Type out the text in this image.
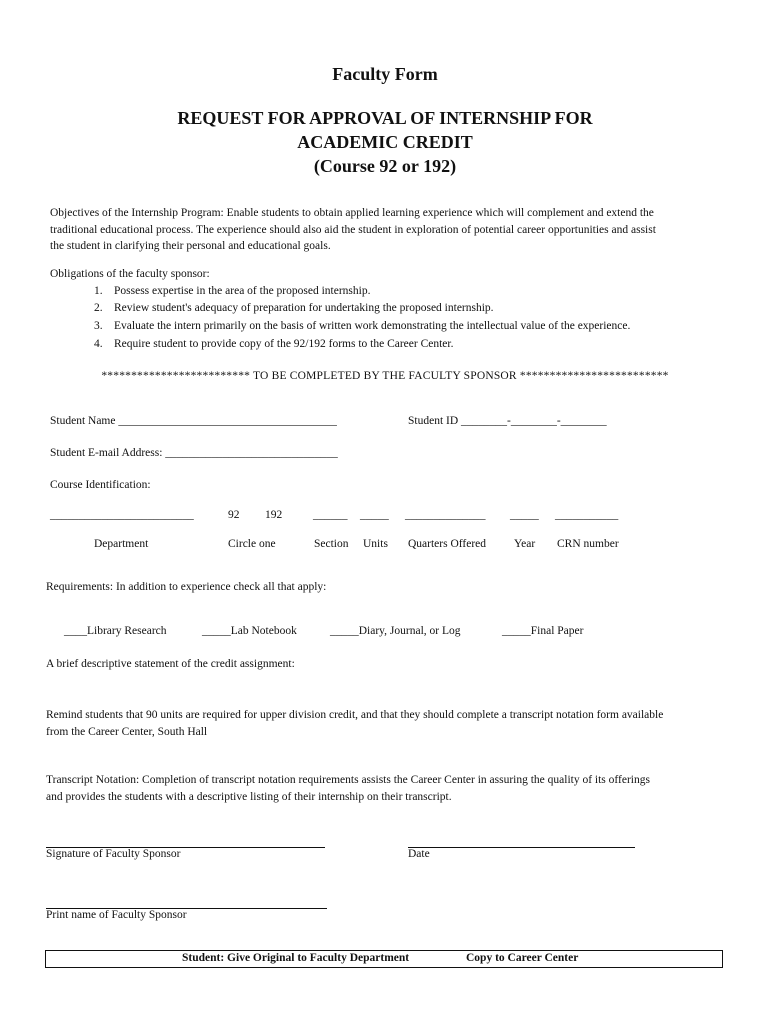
Faculty Form
REQUEST FOR APPROVAL OF INTERNSHIP FOR
ACADEMIC CREDIT
(Course 92 or 192)
Objectives of the Internship Program: Enable students to obtain applied learning experience which will complement and extend the
traditional educational process. The experience should also aid the student in exploration of potential career opportunities and assist
the student in clarifying their personal and educational goals.
Obligations of the faculty sponsor:
1. Possess expertise in the area of the proposed internship.
2. Review student's adequacy of preparation for undertaking the proposed internship.
3. Evaluate the intern primarily on the basis of written work demonstrating the intellectual value of the experience.
4. Require student to provide copy of the 92/192 forms to the Career Center.
************************* TO BE COMPLETED BY THE FACULTY SPONSOR *************************
Student Name ______________________________________	Student ID ________-________-________
Student E-mail Address: ______________________________
Course Identification:
_________________________	92 192	______ _____ ______________ _____ ___________
Department	Circle one	Section Units Quarters Offered Year CRN number
Requirements: In addition to experience check all that apply:
____Library Research	_____Lab Notebook	_____Diary, Journal, or Log	_____Final Paper
A brief descriptive statement of the credit assignment:
Remind students that 90 units are required for upper division credit, and that they should complete a transcript notation form available
from the Career Center, South Hall
Transcript Notation: Completion of transcript notation requirements assists the Career Center in assuring the quality of its offerings
and provides the students with a descriptive listing of their internship on their transcript.
Signature of Faculty Sponsor	Date
Print name of Faculty Sponsor
Student: Give Original to Faculty Department	Copy to Career Center
